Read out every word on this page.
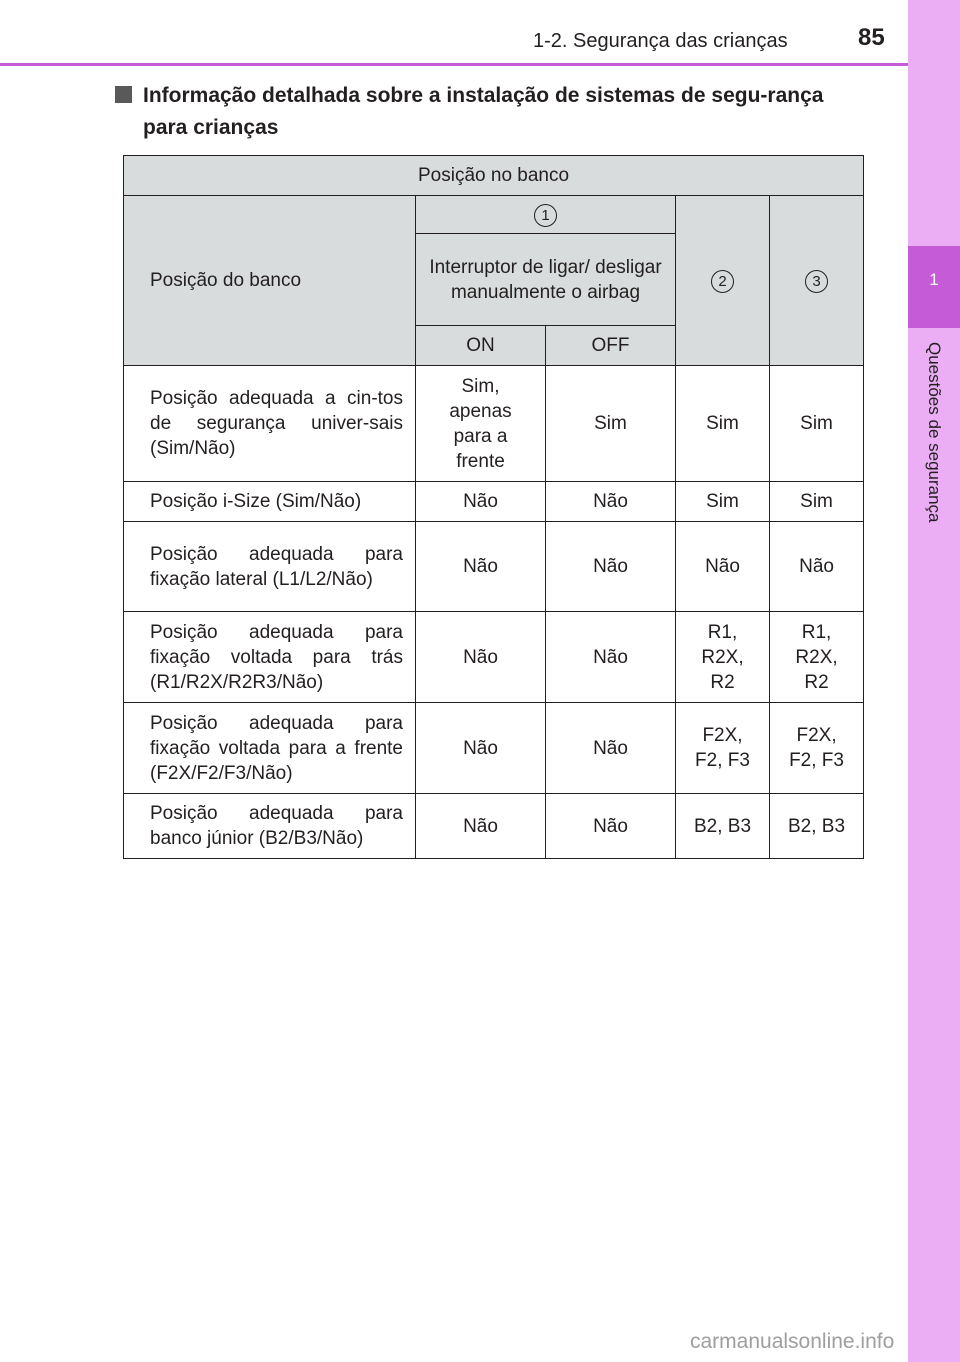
1
Questões de segurança
1-2. Segurança das crianças	85
Informação detalhada sobre a instalação de sistemas de segu-rança para crianças
Posição no banco				
Posição do banco	1		2	3
	Interruptor de ligar/ desligar manualmente o airbag			
	ON	OFF		
Posição adequada a cin-tos de segurança univer-sais (Sim/Não)	Sim, apenas para a frente	Sim	Sim	Sim
Posição i-Size (Sim/Não)	Não	Não	Sim	Sim
Posição adequada para fixação lateral (L1/L2/Não)	Não	Não	Não	Não
Posição adequada para fixação voltada para trás (R1/R2X/R2R3/Não)	Não	Não	R1, R2X, R2	R1, R2X, R2
Posição adequada para fixação voltada para a frente (F2X/F2/F3/Não)	Não	Não	F2X, F2, F3	F2X, F2, F3
Posição adequada para banco júnior (B2/B3/Não)	Não	Não	B2, B3	B2, B3
carmanualsonline.info
